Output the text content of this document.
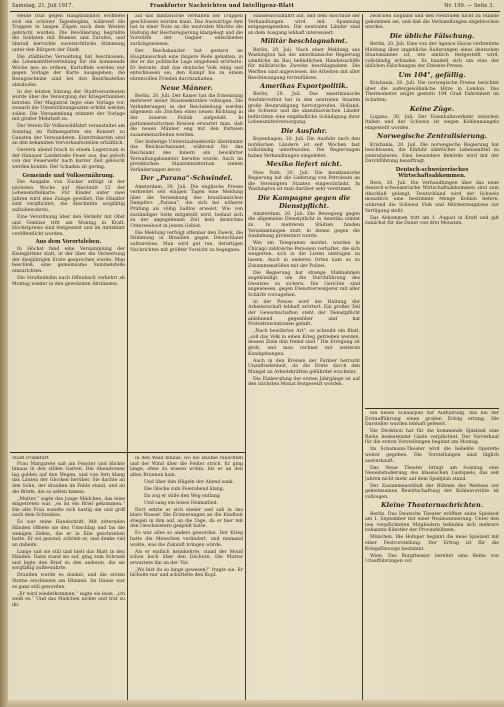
Samstag, 21. Juli 1917.	Frankfurter Nachrichten und Intelligenz-Blatt	Nr. 199. — Seite 3.

Heute früh gegen Hauptbahnhof eröffnete sich ein schöner Tagesbeginn, während die Truppen in langen Zügen nach dem Westen gebracht wurden. Die Bevölkerung begrüßte die Soldaten mit Blumen und Zurufen, und überall herrschte zuversichtliche Stimmung unter den Bürgern der Stadt.

Die städtische Verwaltung hat beschlossen, die Lebensmittelverteilung für die kommende Woche neu zu ordnen. Kartoffeln werden nur gegen Vorlage der Karte ausgegeben; die Bezugsscheine sind bei den Bezirksstellen abzuholen.

In der letzten Sitzung der Stadtverordneten wurde über die Versorgung der Kriegerfamilien beraten. Der Magistrat legte eine Vorlage vor, wonach die Unterstützungssätze erhöht werden sollen. Die Versammlung stimmte der Vorlage mit großer Mehrheit zu.

Der Verein für Volkswohlfahrt veranstaltet am Sonntag im Palmengarten ein Konzert zu Gunsten der Verwundeten. Eintrittskarten sind an den bekannten Vorverkaufsstellen erhältlich.

Gestern abend brach in einem Lagerraum in der Hanauer Landstraße Feuer aus, das jedoch von der Feuerwehr nach kurzer Zeit gelöscht werden konnte. Der Schaden ist gering.

Gemeinde und Volksernährung.

Die Ausgabe von Zucker erfolgt in der nächsten Woche auf Abschnitt 12 der Lebensmittelkarte. Für Kinder unter zwei Jahren wird eine Zulage gewährt. Die Händler sind verpflichtet, die Abschnitte sorgfältig aufzubewahren.

Eine Verordnung über den Verkehr mit Obst und Gemüse tritt am Montag in Kraft. Höchstpreise sind festgesetzt und im Amtsblatt veröffentlicht worden.

Aus dem Vorortsleben.

In Höchst fand eine Versammlung der Kleingärtner statt, in der über die Verwertung der diesjährigen Ernte gesprochen wurde. Man beschloß, eine gemeinsame Sammelstelle einzurichten.

Die Straßenbahn nach Offenbach verkehrt ab Montag wieder in den gewohnten Abständen.

auf das militärische Verhalten der Truppen geschlossen werden kann. Das Auswärtige Amt hat in einer Note an die neutralen Mächte die Haltung der Reichsregierung klargelegt und die Vorwürfe der Gegner entschieden zurückgewiesen.

Der Reichskanzler hat gestern im Hauptausschuß eine längere Rede gehalten, in der er die politische Lage eingehend erörterte. Er betonte, daß das deutsche Volk einig und entschlossen sei, den Kampf bis zu einem ehrenvollen Frieden durchzuhalten.

Neue Männer.

Berlin, 20. Juli. Der Kaiser hat die Ernennung mehrerer neuer Staatssekretäre vollzogen. Die Veränderungen in der Reichsleitung werden allgemein als Zeichen einer neuen Richtung in der inneren Politik aufgefaßt. In parlamentarischen Kreisen erwartet man, daß die neuen Männer eng mit den Parteien zusammenarbeiten werden.

Der bisherige Unterstaatssekretär übernimmt das Reichsschatzamt, während für das Reichsamt des Innern ein bewährter Verwaltungsbeamter berufen wurde. Auch im preußischen Staatsministerium stehen Veränderungen bevor.

Der „Parana“-Schwindel.

Amsterdam, 20. Juli. Die englische Presse verbreitet seit einigen Tagen eine Meldung über die Versenkung des brasilianischen Dampfers „Parana“, die sich bei näherer Prüfung als völlig haltlos erweist. Wie von zuständiger Seite mitgeteilt wird, befand sich zu der angegebenen Zeit kein deutsches Unterseeboot in jenem Gebiet.

Die Meldung verfolgt offenbar den Zweck, die Stimmung in Brasilien gegen Deutschland aufzureizen. Man wird gut tun, derartigen Nachrichten mit größter Vorsicht zu begegnen.

Handelsschiffahrt auf, und dem Abschluß der Verhandlungen wird mit Spannung entgegengesehen. Die neutralen Länder sind an dem Ausgang lebhaft interessiert.

Militär beschlagnahmt.

Berlin, 20. Juli. Nach einer Meldung aus Washington hat die amerikanische Regierung sämtliche im Bau befindlichen Handelsschiffe für militärische Zwecke beschlagnahmt. Die Werften sind angewiesen, die Arbeiten mit aller Beschleunigung fortzuführen.

Amerikas Exportpolitik.

Berlin, 20. Juli. Das amerikanische Ausfuhrverbot hat in den neutralen Staaten große Beunruhigung hervorgerufen. Holland, die Schweiz und die skandinavischen Länder befürchten eine empfindliche Schädigung ihrer Lebensmittelversorgung.

Die Ausfuhr.

Kopenhagen, 20. Juli. Die Ausfuhr nach den nordischen Ländern ist seit Wochen fast vollständig unterbunden. Die Regierungen haben Verhandlungen eingeleitet.

Mexiko liefert nicht.

New York, 20. Juli. Die mexikanische Regierung hat die Lieferung von Petroleum an die Vereinigten Staaten eingeschränkt. In Washington ist man darüber sehr verstimmt.

Die Kampagne gegen die Dienstpflicht.

Amsterdam, 20. Juli. Die Bewegung gegen die allgemeine Dienstpflicht in Amerika nimmt zu. In mehreren Städten fanden Versammlungen statt, in denen gegen die Aushebung protestiert wurde.

Wie ein Telegramm meldet, wurden in Chicago zahlreiche Personen verhaftet, die sich weigerten, sich in die Listen eintragen zu lassen. Auch in anderen Orten kam es zu Zusammenstößen mit der Polizei.

Die Regierung hat strenge Maßnahmen angekündigt, um die Durchführung des Gesetzes zu sichern. Die Gerichte sind angewiesen, gegen Dienstverweigerer mit aller Schärfe vorzugehen.

In der Presse wird die Haltung der Arbeiterschaft lebhaft erörtert. Ein großer Teil der Gewerkschaften steht der Dienstpflicht ablehnend gegenüber und hat Protestresolutionen gefaßt.

„Nach bewährter Art“, so schreibt ein Blatt, „soll das Volk in einen Krieg getrieben werden, dessen Ziele ihm fremd sind.“ Die Erregung ist groß, und man rechnet mit weiteren Kundgebungen.

Auch in den Kreisen der Farmer herrscht Unzufriedenheit, da die Ernte durch den Mangel an Arbeitskräften gefährdet erscheint.

Die Einberufung der ersten Jahrgänge ist auf den nächsten Monat festgesetzt worden.

zwischen England und den Neutralen nicht zu Stande gekommen sei, und daß die Verhandlungen abgebrochen wurden.

Die übliche Fälschung.

Berlin, 20. Juli. Eine von der Agence Havas verbreitete Meldung über angebliche Äußerungen eines deutschen Staatsmannes ist, wie amtlich festgestellt wird, vollständig erfunden. Es handelt sich um eine der üblichen Fälschungen der Entente-Presse.

Um 104°, gefällig.

Kristiania, 20. Juli. Die norwegische Presse berichtet über die außergewöhnliche Hitze in London. Das Thermometer zeigte gestern 104 Grad Fahrenheit im Schatten.

Keine Züge.

Lugano, 20. Juli. Der Eisenbahnverkehr zwischen Italien und der Schweiz ist wegen Kohlenmangels eingestellt worden.

Norwegische Zentralisierung.

Kristiania, 20. Juli. Die norwegische Regierung hat beschlossen, die Einfuhr sämtlicher Lebensmittel zu zentralisieren. Eine besondere Behörde wird mit der Durchführung beauftragt.

Deutsch-schweizerisches Wirtschaftsabkommen.

Bern, 20. Juli. Die Verhandlungen über das neue deutsch-schweizerische Wirtschaftsabkommen sind zum Abschluß gelangt. Deutschland wird der Schweiz monatlich eine bestimmte Menge Kohlen liefern, während die Schweiz Vieh und Milcherzeugnisse zur Verfügung stellt.

Das Abkommen tritt am 1. August in Kraft und gilt zunächst für die Dauer von drei Monaten.

ein neues Schauspiel zur Aufführung, das bei der Erstaufführung einen großen Erfolg errang. Die Darsteller wurden lebhaft gefeiert.

Die Direktion hat für die kommende Spielzeit eine Reihe bedeutender Gäste verpflichtet. Der Vorverkauf für die ersten Vorstellungen beginnt am Montag.

Im Schumann-Theater wird die beliebte Operette weiter gegeben. Die Vorstellungen sind täglich ausverkauft.

Das Neue Theater bringt am Sonntag eine Neueinstudierung des klassischen Lustspiels, das seit Jahren nicht mehr auf dem Spielplan stand.

Der Zusammenschluß der Bühnen des Westens zur gemeinsamen Bewirtschaftung der Kohlenvorräte ist vollzogen.

Kleine Theaternachrichten.

Berlin. Das Deutsche Theater eröffnet seine Spielzeit am 1. September mit einer Neuinszenierung. Unter den neu verpflichteten Mitgliedern befinden sich mehrere bekannte Künstler der Provinzbühnen.

München. Die Hofoper beginnt die neue Spielzeit mit einer Festvorstellung. Der Ertrag ist für die Kriegsfürsorge bestimmt.

Wien. Das Burgtheater bereitet eine Reihe von Uraufführungen vor.

Stadt Frankfurt

Frau Margarete saß am Fenster und blickte hinaus in den stillen Garten. Die Abendsonne lag golden auf den Wegen, und von fern klang das Läuten der Glocken herüber. Sie dachte an den Sohn, der draußen im Felde stand, und an die Briefe, die so selten kamen.

„Mutter,“ sagte das junge Mädchen, das leise eingetreten war, „es ist ein Brief gekommen.“ Die alte Frau wandte sich hastig um und griff nach dem Schreiben.

Es war seine Handschrift. Mit zitternden Händen öffnete sie den Umschlag und las die wenigen Zeilen, die er in Eile geschrieben hatte. Er sei gesund, schrieb er, und denke viel an daheim.

Lange saß sie still und hielt das Blatt in den Händen. Dann stand sie auf, ging zum Schrank und legte den Brief zu den anderen, die sie sorgfältig aufbewahrte.

Draußen wurde es dunkel, und die ersten Sterne erschienen am Himmel. Im Hause war es ganz still geworden.

„Er wird wiederkommen,“ sagte sie leise, „ich weiß es.“ Und das Mädchen nickte und trat zu ihr.

in den Wald hinaus, wo die Bäume rauschten und der Wind über die Felder strich. Er ging lange, ohne zu wissen wohin, bis er an den alten Brunnen kam.

Und über den Hügeln der Abend sank,

Die Glocke zum Feierabend klang,

Da zog er stille den Weg entlang

Und sang ein leises Heimatlied.

Dort setzte er sich nieder und sah in das klare Wasser. Die Erinnerungen an die Kindheit stiegen in ihm auf, an die Tage, da er hier mit den Geschwistern gespielt hatte.

Es war alles so anders geworden. Der Krieg hatte die Menschen verändert, und niemand wußte, was die Zukunft bringen würde.

Als er endlich heimkehrte, stand der Mond schon hoch über den Dächern. Die Mutter erwartete ihn an der Tür.

„Wo bist du so lange gewesen?“ fragte sie. Er lächelte nur und schüttelte den Kopf.
